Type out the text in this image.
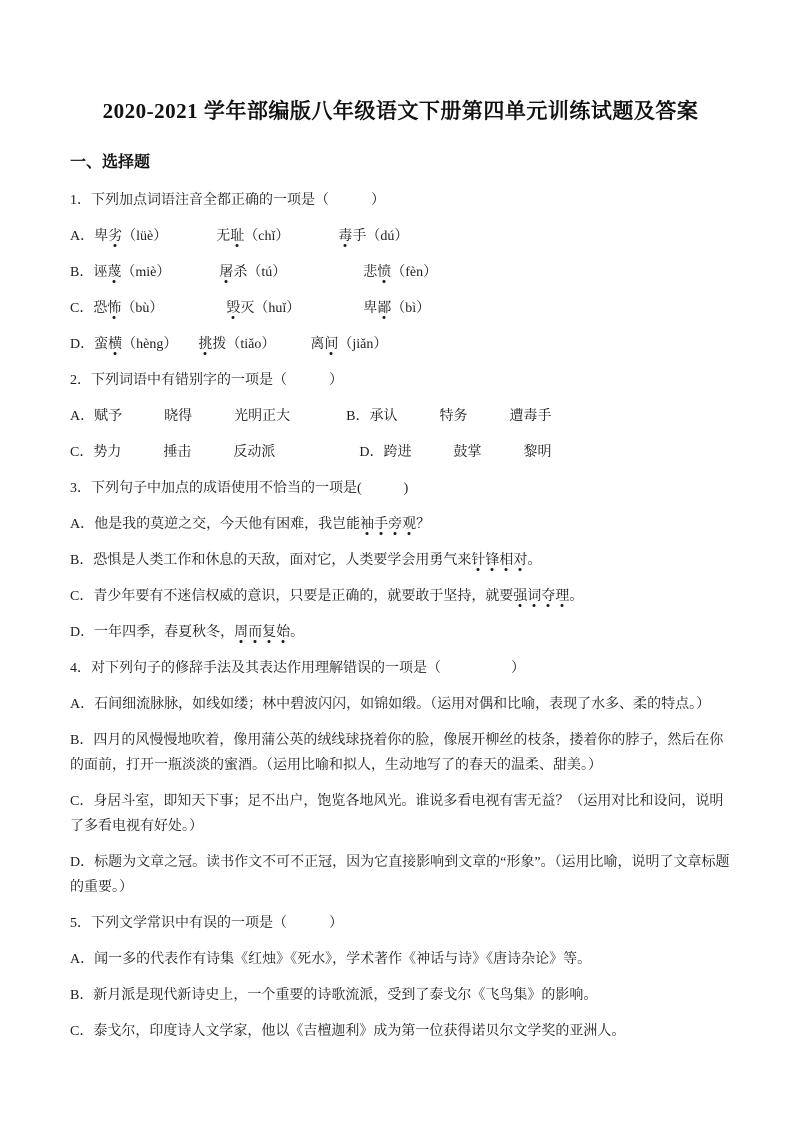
2020-2021 学年部编版八年级语文下册第四单元训练试题及答案
一、选择题

1．下列加点词语注音全都正确的一项是（　　　）

A．卑劣（lüè）　　　　无耻（chǐ）　　　　毒手（dú）

B．诬蔑（miè）　　　　屠杀（tú）　　　　　　悲愤（fèn）

C．恐怖（bù）　　　　　毁灭（huǐ）　　　　　卑鄙（bì）

D．蛮横（hèng）　　挑拨（tiǎo）　　　离间（jiǎn）

2．下列词语中有错别字的一项是（　　　）

A．赋予　　　晓得　　　光明正大　　　　B．承认　　　特务　　　遭毒手

C．势力　　　捶击　　　反动派　　　　　　D．跨进　　　鼓掌　　　黎明

3．下列句子中加点的成语使用不恰当的一项是(　　　)

A．他是我的莫逆之交，今天他有困难，我岂能袖手旁观？

B．恐惧是人类工作和休息的天敌，面对它，人类要学会用勇气来针锋相对。

C．青少年要有不迷信权威的意识，只要是正确的，就要敢于坚持，就要强词夺理。

D．一年四季，春夏秋冬，周而复始。

4．对下列句子的修辞手法及其表达作用理解错误的一项是（　　　　　）

A．石间细流脉脉，如线如缕；林中碧波闪闪，如锦如缎。（运用对偶和比喻，表现了水多、柔的特点。）

B．四月的风慢慢地吹着，像用蒲公英的绒线球挠着你的脸，像展开柳丝的枝条，搂着你的脖子，然后在你的面前，打开一瓶淡淡的蜜酒。（运用比喻和拟人，生动地写了的春天的温柔、甜美。）

C．身居斗室，即知天下事；足不出户，饱览各地风光。谁说多看电视有害无益？（运用对比和设问，说明了多看电视有好处。）

D．标题为文章之冠。读书作文不可不正冠，因为它直接影响到文章的“形象”。（运用比喻，说明了文章标题的重要。）

5．下列文学常识中有误的一项是（　　　）

A．闻一多的代表作有诗集《红烛》《死水》，学术著作《神话与诗》《唐诗杂论》等。

B．新月派是现代新诗史上，一个重要的诗歌流派，受到了泰戈尔《飞鸟集》的影响。

C．泰戈尔，印度诗人文学家，他以《吉檀迦利》成为第一位获得诺贝尔文学奖的亚洲人。
